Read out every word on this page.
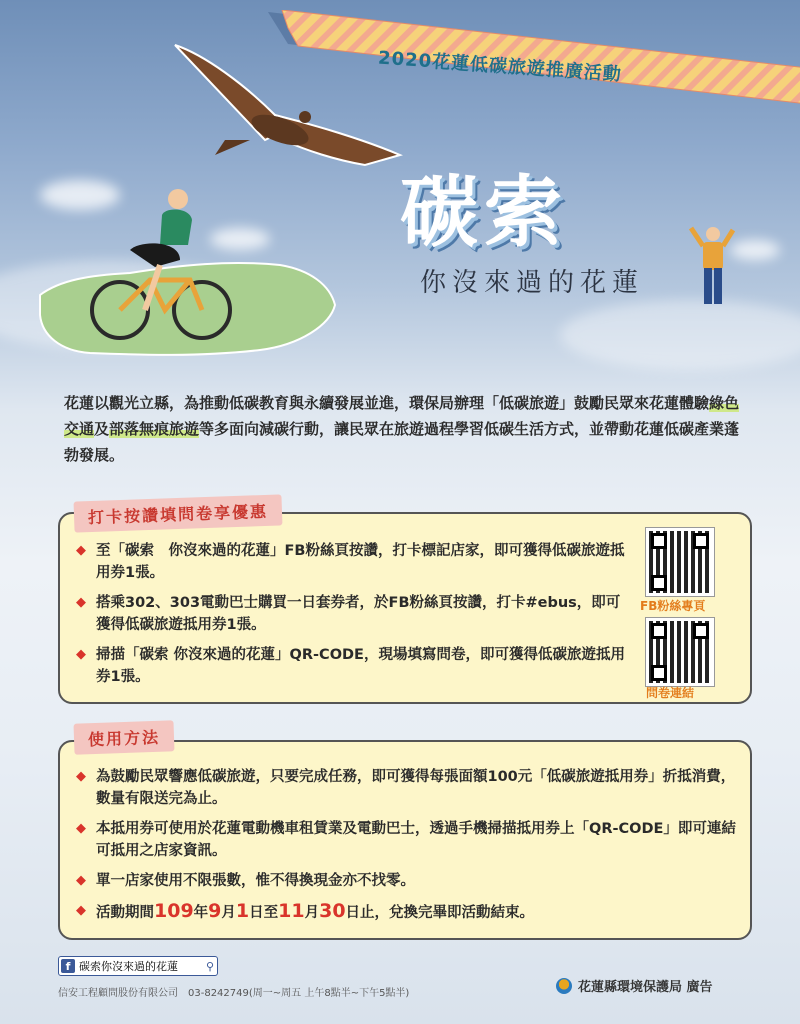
2020花蓮低碳旅遊推廣活動
碳索
你沒來過的花蓮
花蓮以觀光立縣，為推動低碳教育與永續發展並進，環保局辦理「低碳旅遊」鼓勵民眾來花蓮體驗綠色交通及部落無痕旅遊等多面向減碳行動，讓民眾在旅遊過程學習低碳生活方式，並帶動花蓮低碳產業蓬勃發展。
打卡按讚填問卷享優惠
◆ 至「碳索　你沒來過的花蓮」FB粉絲頁按讚，打卡標記店家，即可獲得低碳旅遊抵用券1張。
◆ 搭乘302、303電動巴士購買一日套券者，於FB粉絲頁按讚，打卡#ebus，即可獲得低碳旅遊抵用券1張。
◆ 掃描「碳索 你沒來過的花蓮」QR-CODE，現場填寫問卷，即可獲得低碳旅遊抵用券1張。
FB粉絲專頁
問卷連結
使用方法
◆ 為鼓勵民眾響應低碳旅遊，只要完成任務，即可獲得每張面額100元「低碳旅遊抵用券」折抵消費，數量有限送完為止。
◆ 本抵用券可使用於花蓮電動機車租賃業及電動巴士，透過手機掃描抵用券上「QR-CODE」即可連結可抵用之店家資訊。
◆ 單一店家使用不限張數，惟不得換現金亦不找零。
◆ 活動期間109年9月1日至11月30日止，兌換完畢即活動結束。
f 碳索你沒來過的花蓮	⚲
信安工程顧問股份有限公司　03-8242749(周一~周五 上午8點半~下午5點半)	花蓮縣環境保護局 廣告
